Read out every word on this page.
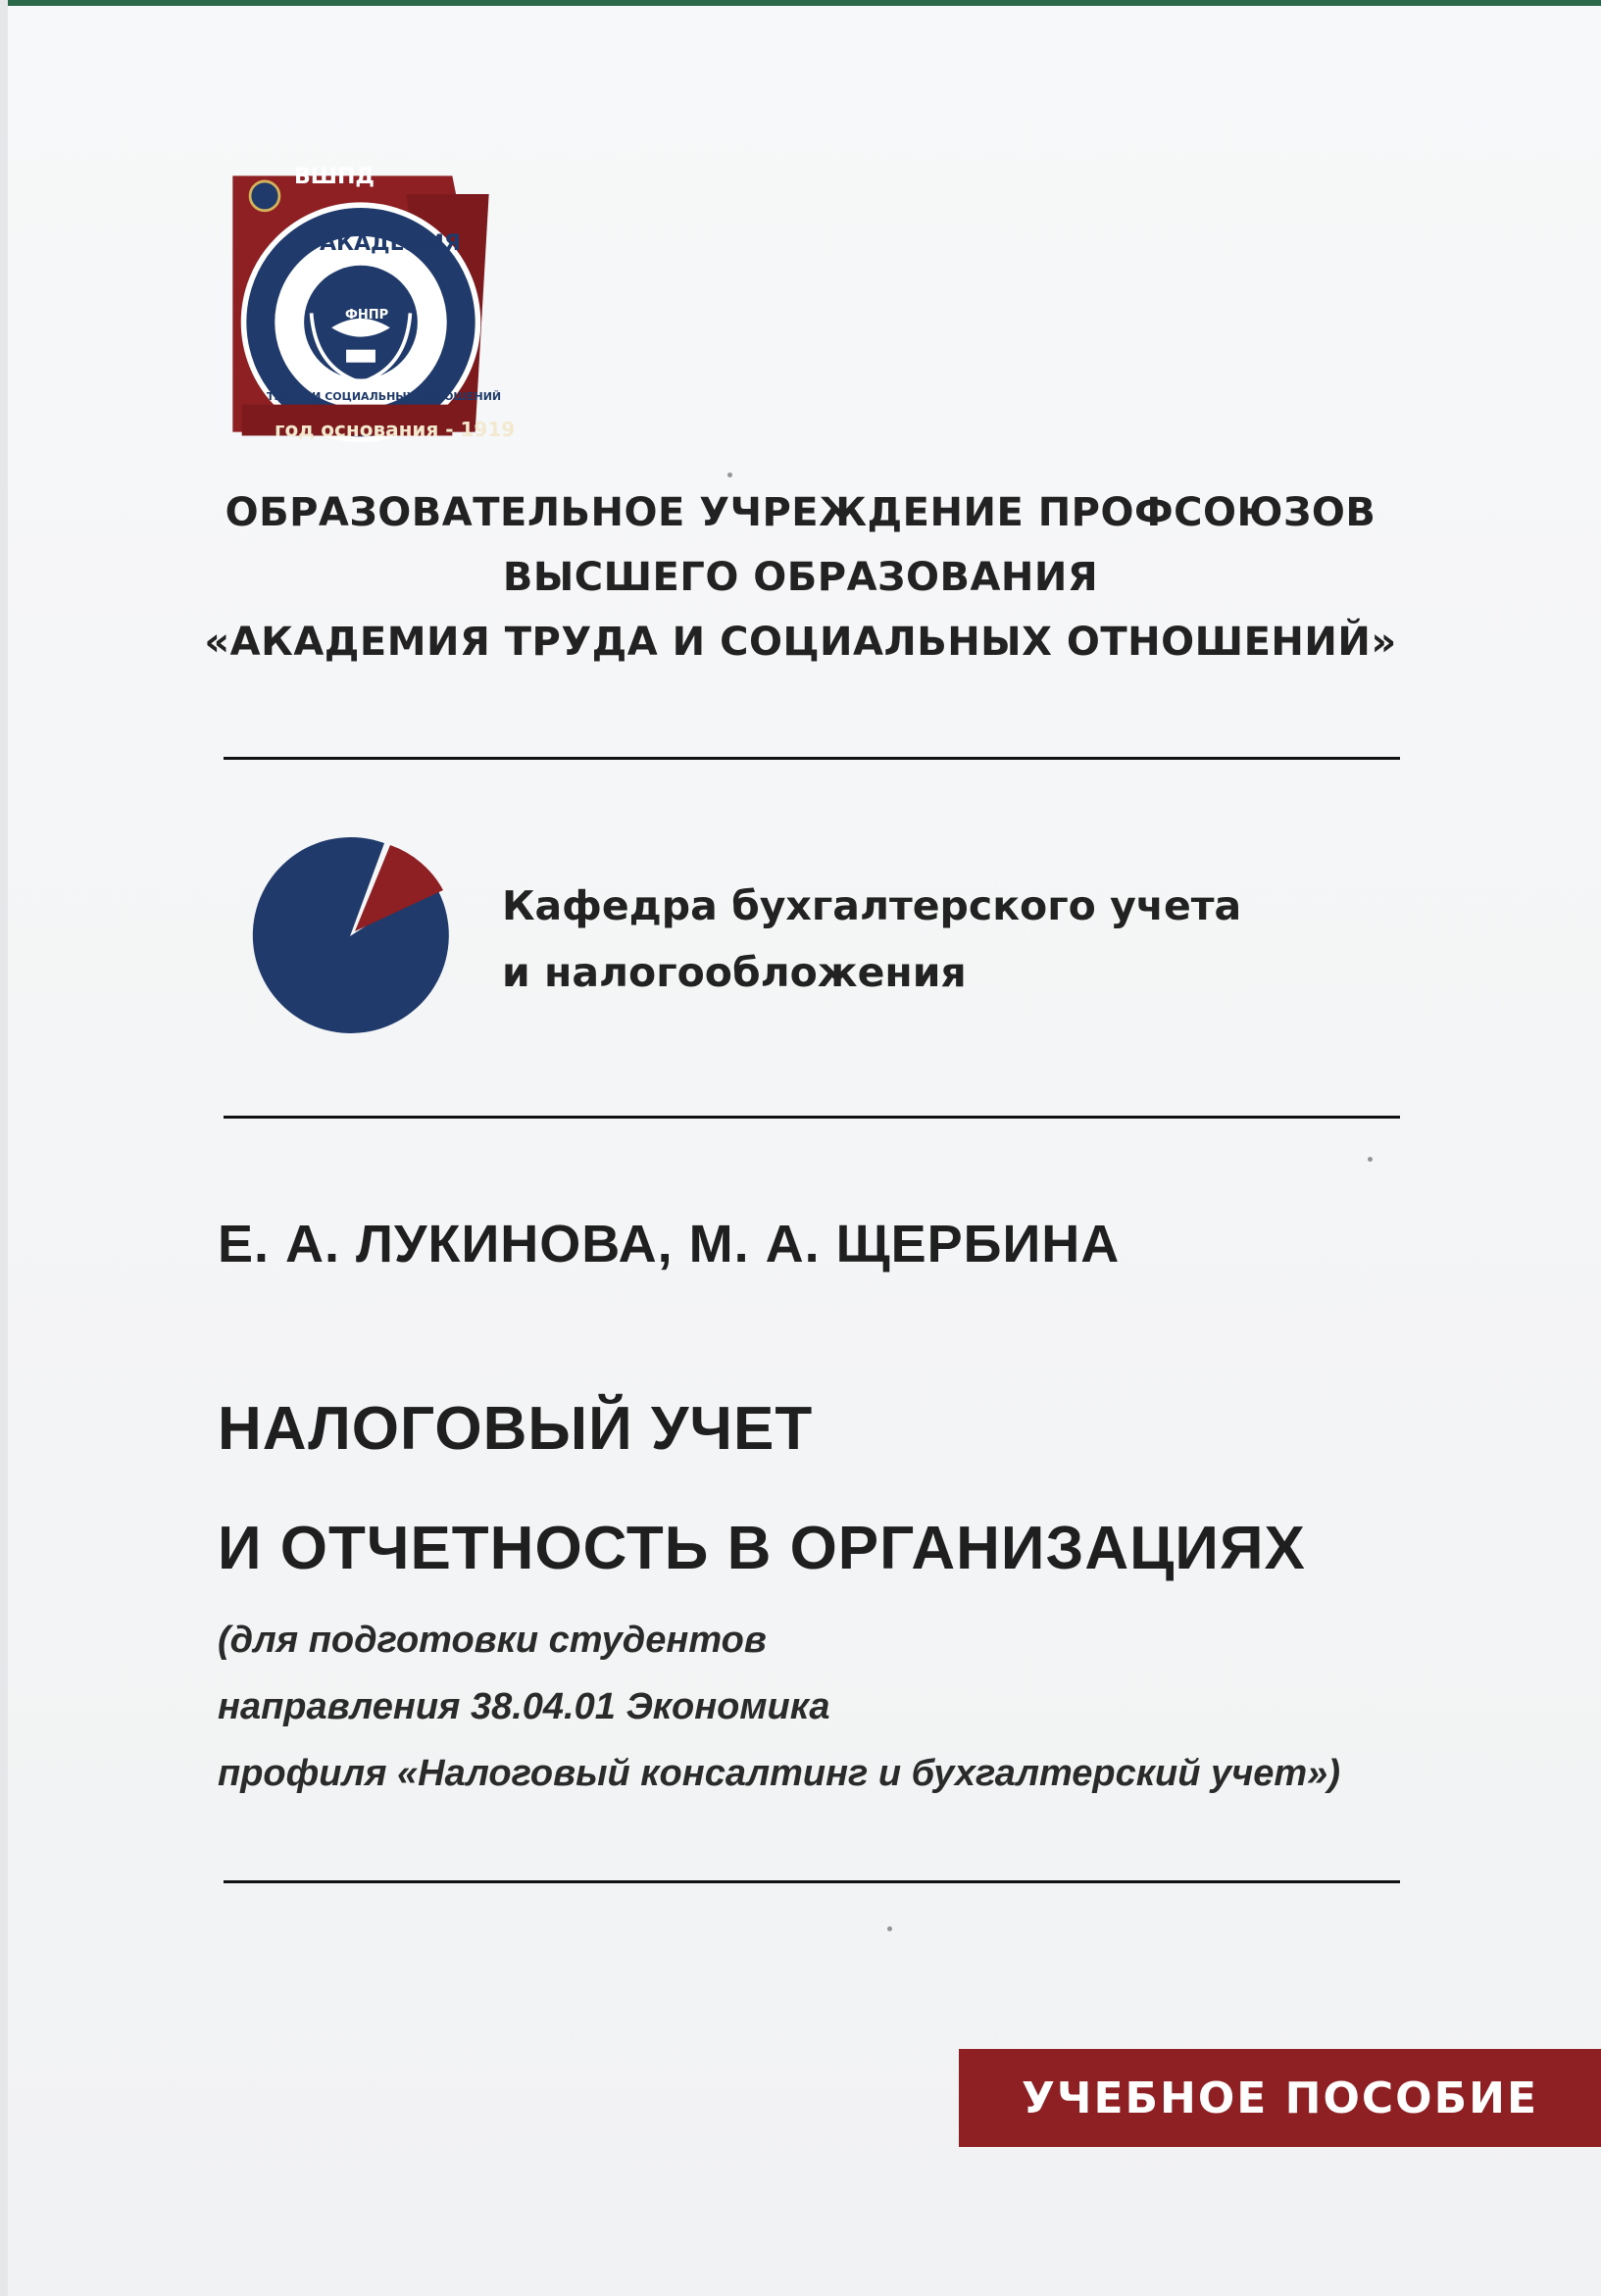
ВШПД
АКАДЕМИЯ
ФНПР
ТРУДА И СОЦИАЛЬНЫХ ОТНОШЕНИЙ
год основания - 1919
ОБРАЗОВАТЕЛЬНОЕ УЧРЕЖДЕНИЕ ПРОФСОЮЗОВ
ВЫСШЕГО ОБРАЗОВАНИЯ
«АКАДЕМИЯ ТРУДА И СОЦИАЛЬНЫХ ОТНОШЕНИЙ»
Кафедра бухгалтерского учета
и налогообложения
Е. А. ЛУКИНОВА, М. А. ЩЕРБИНА
НАЛОГОВЫЙ УЧЕТ
И ОТЧЕТНОСТЬ В ОРГАНИЗАЦИЯХ
(для подготовки студентов
направления 38.04.01 Экономика
профиля «Налоговый консалтинг и бухгалтерский учет»)
УЧЕБНОЕ ПОСОБИЕ
